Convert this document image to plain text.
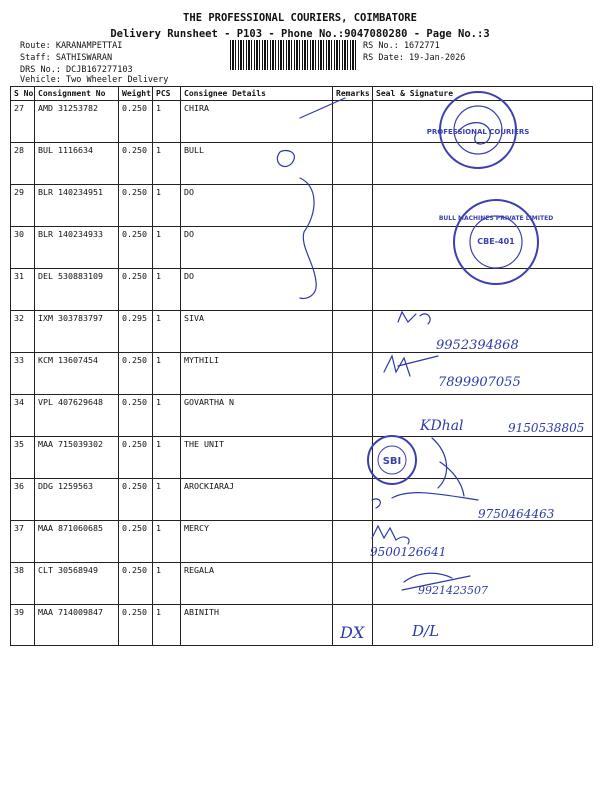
THE PROFESSIONAL COURIERS, COIMBATORE
Delivery Runsheet - P103 - Phone No.:9047080280 - Page No.:3
Route: KARANAMPETTAI
Staff: SATHISWARAN
DRS No.: DCJB167277103
Vehicle: Two Wheeler Delivery
RS No.: 1672771
RS Date: 19-Jan-2026
S No	Consignment No	Weight	PCS	Consignee Details	Remarks	Seal & Signature
27	AMD 31253782	0.250	1	CHIRA		
28	BUL 1116634	0.250	1	BULL		
29	BLR 140234951	0.250	1	DO		
30	BLR 140234933	0.250	1	DO		
31	DEL 530883109	0.250	1	DO		
32	IXM 303783797	0.295	1	SIVA		
33	KCM 13607454	0.250	1	MYTHILI		
34	VPL 407629648	0.250	1	GOVARTHA N		
35	MAA 715039302	0.250	1	THE UNIT		
36	DDG 1259563	0.250	1	AROCKIARAJ		
37	MAA 871060685	0.250	1	MERCY		
38	CLT 30568949	0.250	1	REGALA		
39	MAA 714009847	0.250	1	ABINITH		
PROFESSIONAL COURIERS
BULL MACHINES PRIVATE LIMITED
CBE-401
9952394868
7899907055
KDhal	9150538805
SBI
9750464463
9500126641
9921423507
DX	D/L
